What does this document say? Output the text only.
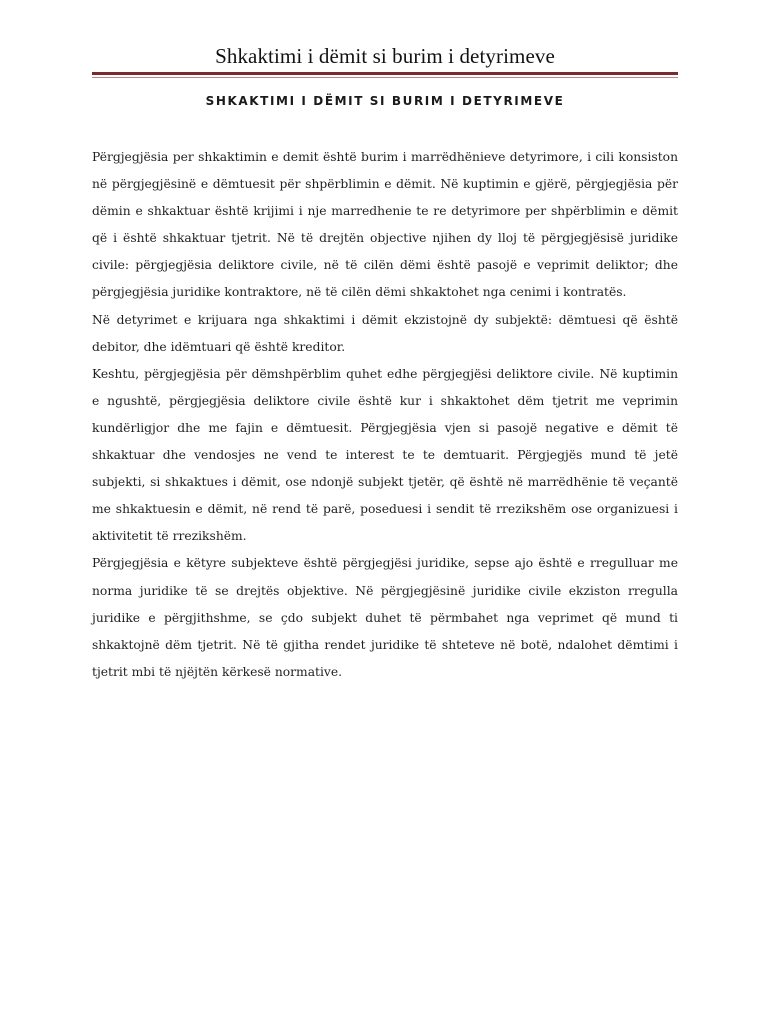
Shkaktimi i dëmit si burim i detyrimeve
SHKAKTIMI I DËMIT SI BURIM I DETYRIMEVE

Përgjegjësia per shkaktimin e demit është burim i marrëdhënieve detyrimore, i cili konsiston në përgjegjësinë e dëmtuesit për shpërblimin e dëmit. Në kuptimin e gjërë, përgjegjësia për dëmin e shkaktuar është krijimi i nje marredhenie te re detyrimore per shpërblimin e dëmit që i është shkaktuar tjetrit. Në të drejtën objective njihen dy lloj të përgjegjësisë juridike civile: përgjegjësia deliktore civile, në të cilën dëmi është pasojë e veprimit deliktor; dhe përgjegjësia juridike kontraktore, në të cilën dëmi shkaktohet nga cenimi i kontratës.

Në detyrimet e krijuara nga shkaktimi i dëmit ekzistojnë dy subjektë: dëmtuesi që është debitor, dhe idëmtuari që është kreditor.

Keshtu, përgjegjësia për dëmshpërblim quhet edhe përgjegjësi deliktore civile. Në kuptimin e ngushtë, përgjegjësia deliktore civile është kur i shkaktohet dëm tjetrit me veprimin kundërligjor dhe me fajin e dëmtuesit. Përgjegjësia vjen si pasojë negative e dëmit të shkaktuar dhe vendosjes ne vend te interest te te demtuarit. Përgjegjës mund të jetë subjekti, si shkaktues i dëmit, ose ndonjë subjekt tjetër, që është në marrëdhënie të veçantë me shkaktuesin e dëmit, në rend të parë, poseduesi i sendit të rrezikshëm ose organizuesi i aktivitetit të rrezikshëm.

Përgjegjësia e këtyre subjekteve është përgjegjësi juridike, sepse ajo është e rregulluar me norma juridike të se drejtës objektive. Në përgjegjësinë juridike civile ekziston rregulla juridike e përgjithshme, se çdo subjekt duhet të përmbahet nga veprimet që mund ti shkaktojnë dëm tjetrit. Në të gjitha rendet juridike të shteteve në botë, ndalohet dëmtimi i tjetrit mbi të njëjtën kërkesë normative.
